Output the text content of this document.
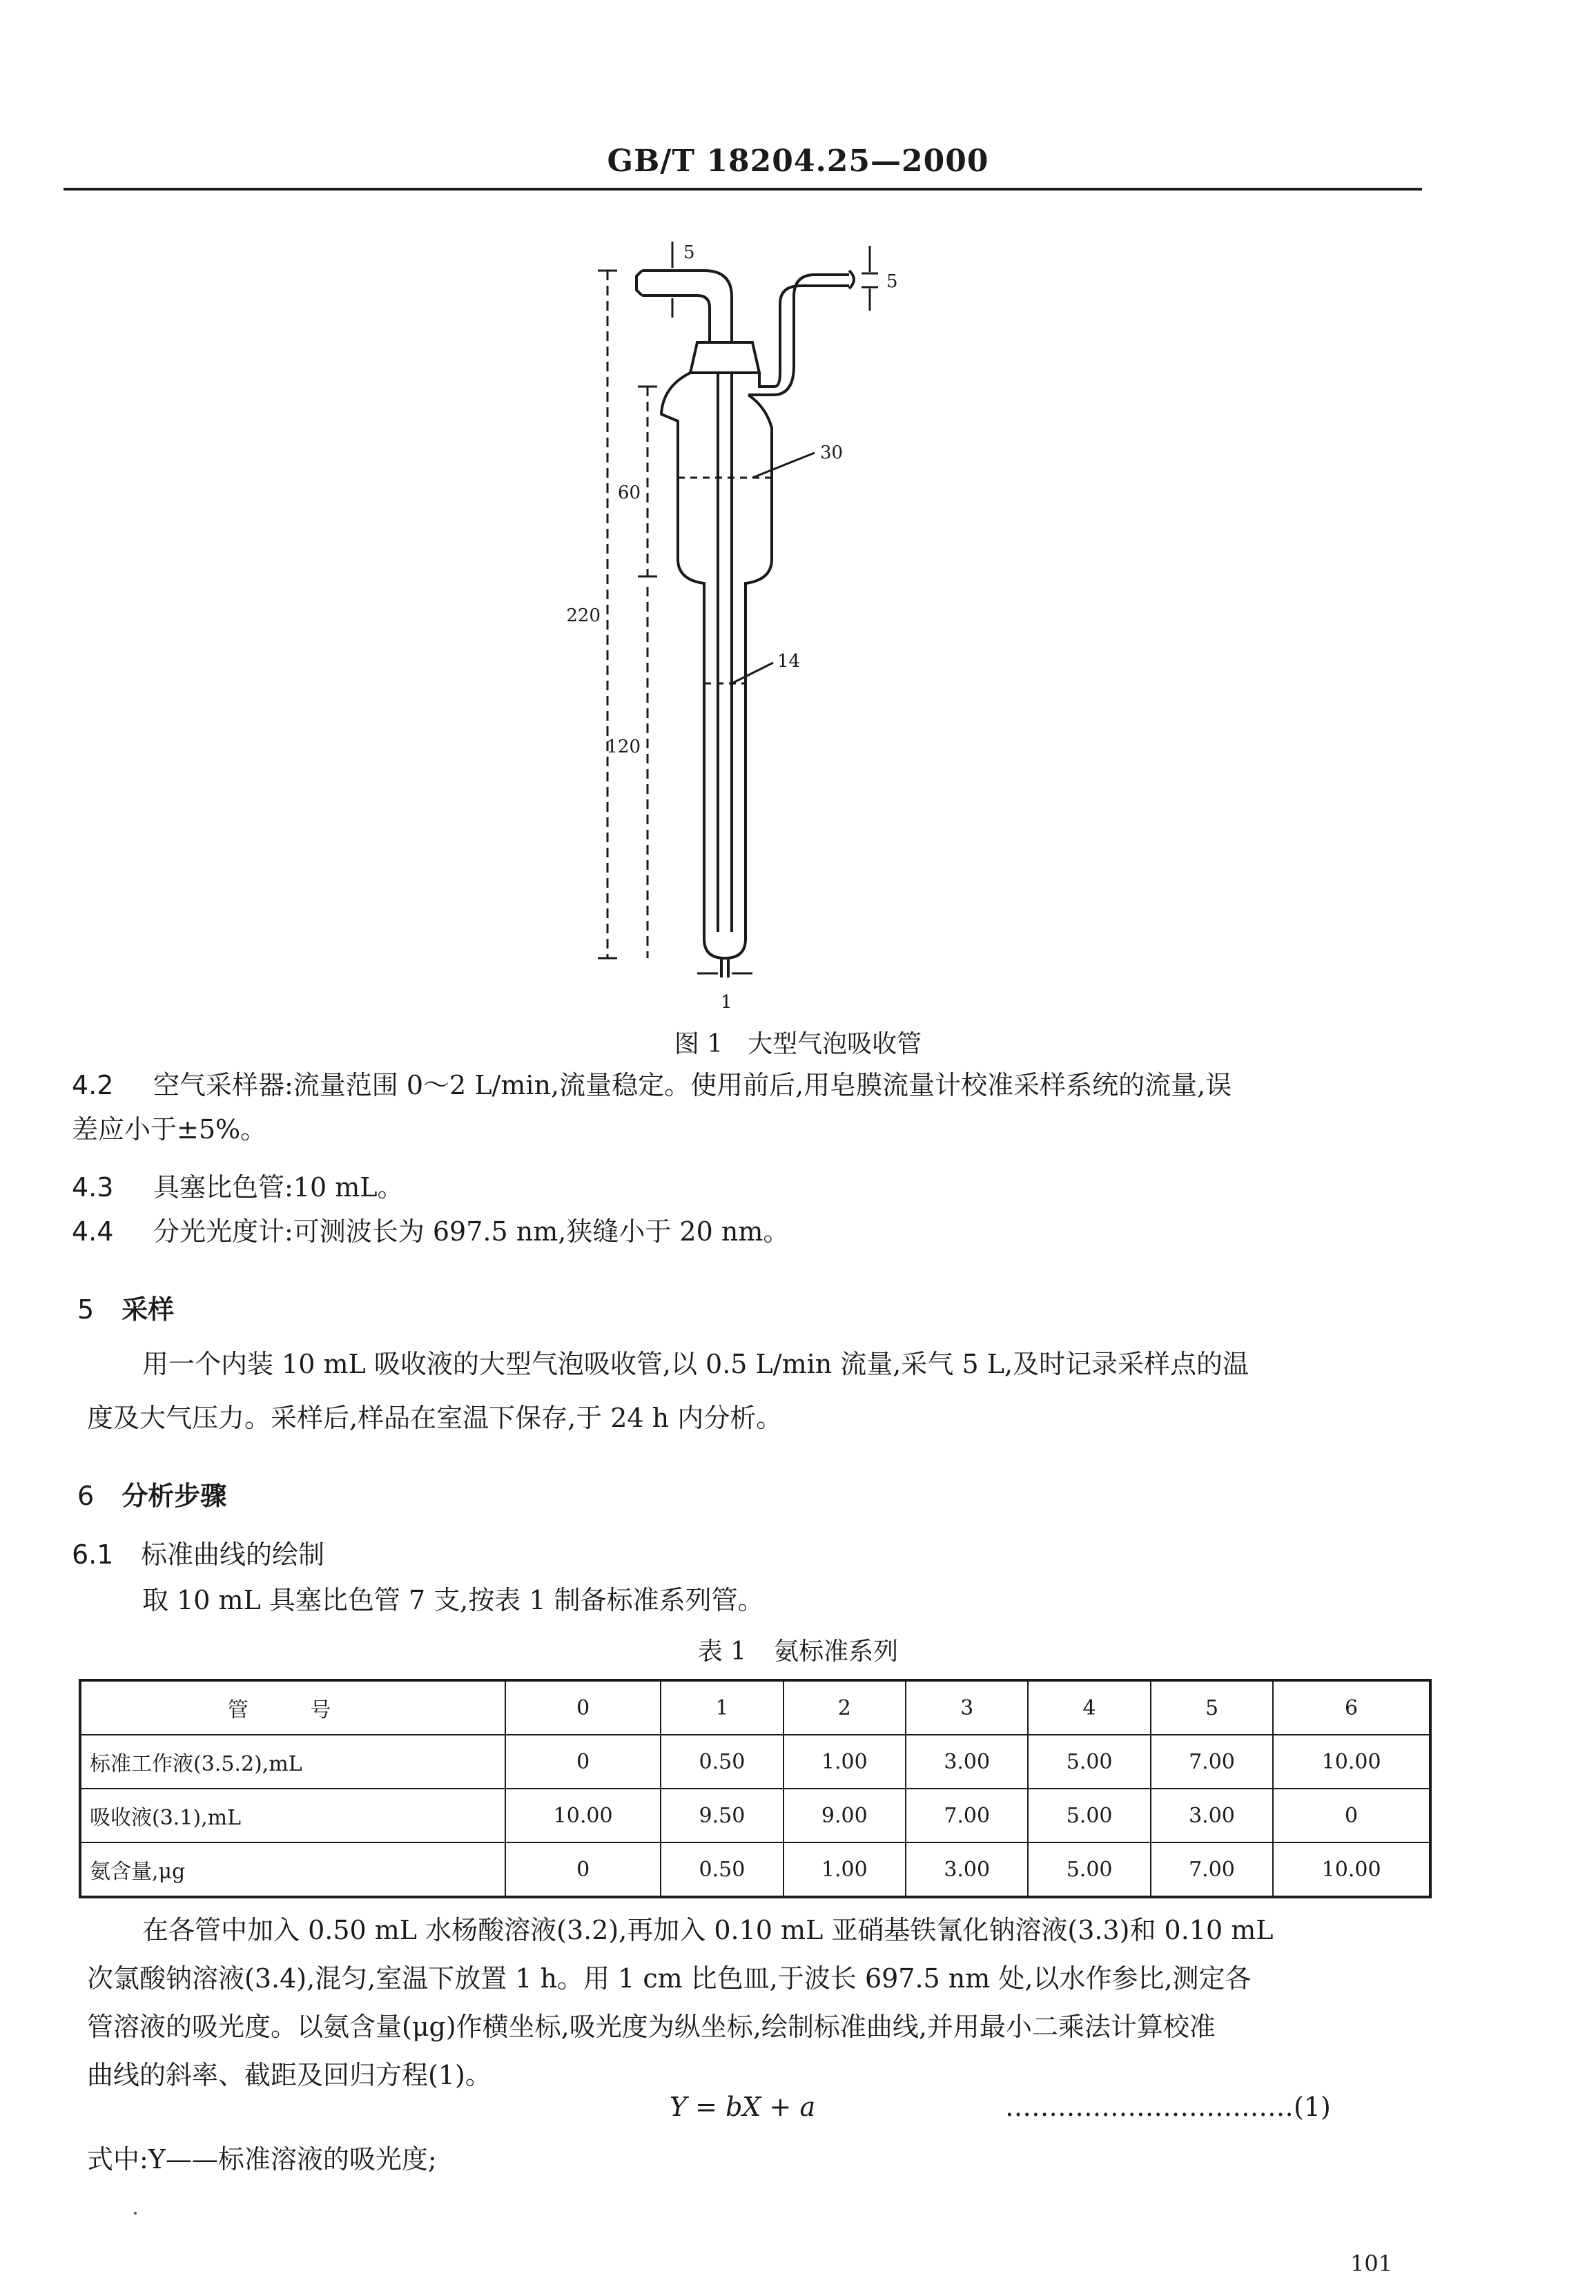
GB/T 18204.25—2000
5
5
30
60
220
14
120
1
图 1 大型气泡吸收管
4.2 空气采样器:流量范围 0～2 L/min,流量稳定。使用前后,用皂膜流量计校准采样系统的流量,误
差应小于±5%。
4.3 具塞比色管:10 mL。
4.4 分光光度计:可测波长为 697.5 nm,狭缝小于 20 nm。
5 采样
用一个内装 10 mL 吸收液的大型气泡吸收管,以 0.5 L/min 流量,采气 5 L,及时记录采样点的温
度及大气压力。采样后,样品在室温下保存,于 24 h 内分析。
6 分析步骤
6.1 标准曲线的绘制
取 10 mL 具塞比色管 7 支,按表 1 制备标准系列管。
表 1 氨标准系列
管 号	0	1	2	3	4	5	6
标准工作液(3.5.2),mL	0	0.50	1.00	3.00	5.00	7.00	10.00
吸收液(3.1),mL	10.00	9.50	9.00	7.00	5.00	3.00	0
氨含量,μg	0	0.50	1.00	3.00	5.00	7.00	10.00
在各管中加入 0.50 mL 水杨酸溶液(3.2),再加入 0.10 mL 亚硝基铁氰化钠溶液(3.3)和 0.10 mL
次氯酸钠溶液(3.4),混匀,室温下放置 1 h。用 1 cm 比色皿,于波长 697.5 nm 处,以水作参比,测定各
管溶液的吸光度。以氨含量(μg)作横坐标,吸光度为纵坐标,绘制标准曲线,并用最小二乘法计算校准
曲线的斜率、截距及回归方程(1)。
Y = bX + a	……………………………(1)
式中:Y——标准溶液的吸光度;
101
